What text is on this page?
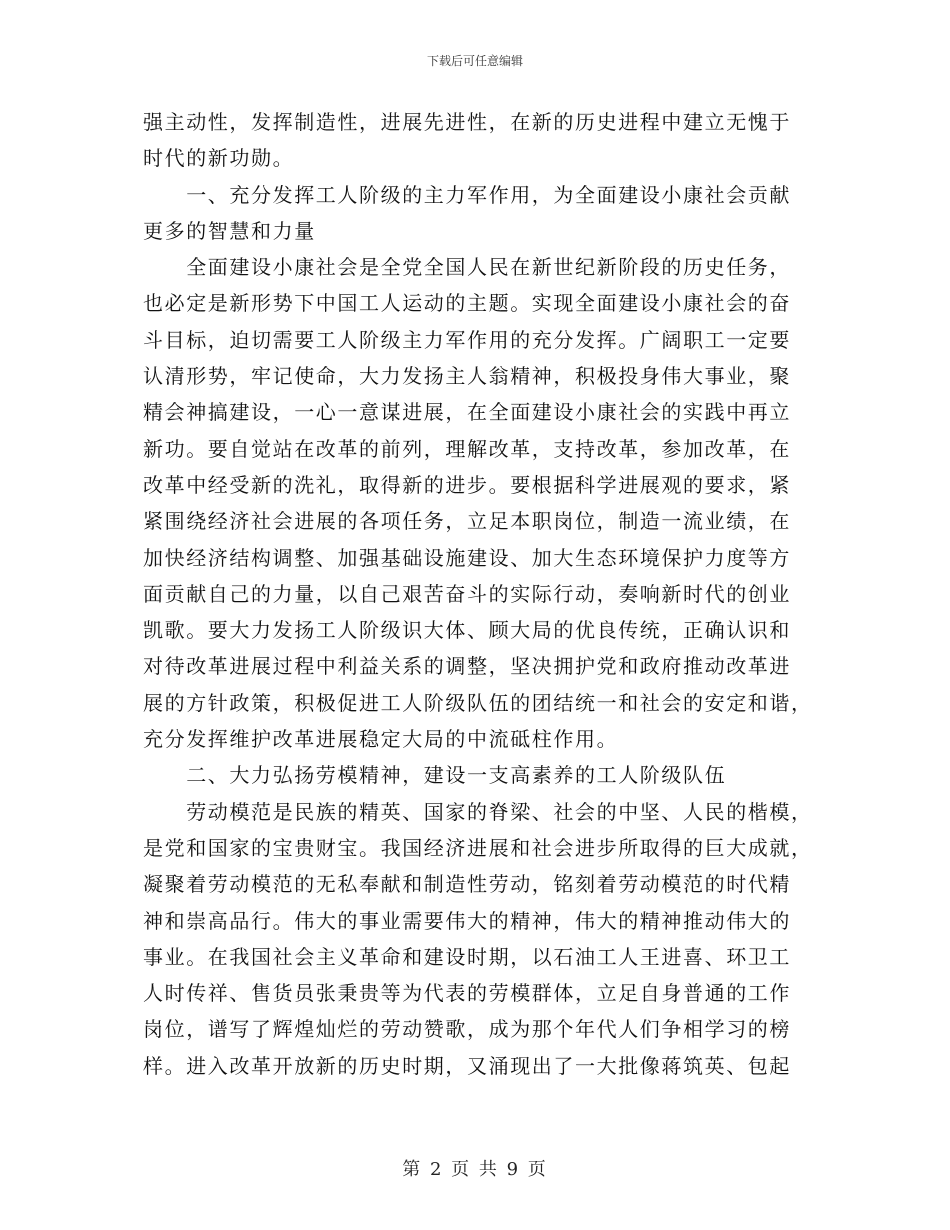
下载后可任意编辑
强主动性，发挥制造性，进展先进性，在新的历史进程中建立无愧于
时代的新功勋。
　　一、充分发挥工人阶级的主力军作用，为全面建设小康社会贡献
更多的智慧和力量
　　全面建设小康社会是全党全国人民在新世纪新阶段的历史任务，
也必定是新形势下中国工人运动的主题。实现全面建设小康社会的奋
斗目标，迫切需要工人阶级主力军作用的充分发挥。广阔职工一定要
认清形势，牢记使命，大力发扬主人翁精神，积极投身伟大事业，聚
精会神搞建设，一心一意谋进展，在全面建设小康社会的实践中再立
新功。要自觉站在改革的前列，理解改革，支持改革，参加改革，在
改革中经受新的洗礼，取得新的进步。要根据科学进展观的要求，紧
紧围绕经济社会进展的各项任务，立足本职岗位，制造一流业绩，在
加快经济结构调整、加强基础设施建设、加大生态环境保护力度等方
面贡献自己的力量，以自己艰苦奋斗的实际行动，奏响新时代的创业
凯歌。要大力发扬工人阶级识大体、顾大局的优良传统，正确认识和
对待改革进展过程中利益关系的调整，坚决拥护党和政府推动改革进
展的方针政策，积极促进工人阶级队伍的团结统一和社会的安定和谐，
充分发挥维护改革进展稳定大局的中流砥柱作用。
　　二、大力弘扬劳模精神，建设一支高素养的工人阶级队伍
　　劳动模范是民族的精英、国家的脊梁、社会的中坚、人民的楷模，
是党和国家的宝贵财宝。我国经济进展和社会进步所取得的巨大成就，
凝聚着劳动模范的无私奉献和制造性劳动，铭刻着劳动模范的时代精
神和崇高品行。伟大的事业需要伟大的精神，伟大的精神推动伟大的
事业。在我国社会主义革命和建设时期，以石油工人王进喜、环卫工
人时传祥、售货员张秉贵等为代表的劳模群体，立足自身普通的工作
岗位，谱写了辉煌灿烂的劳动赞歌，成为那个年代人们争相学习的榜
样。进入改革开放新的历史时期，又涌现出了一大批像蒋筑英、包起
第 2 页 共 9 页
